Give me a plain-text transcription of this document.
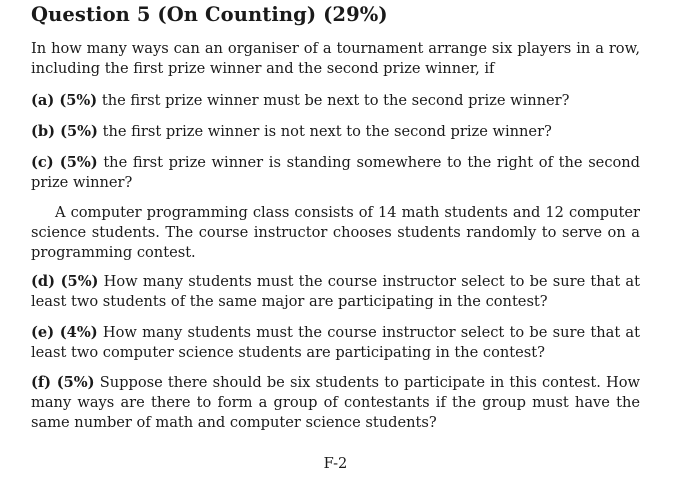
Question 5 (On Counting) (29%)
In how many ways can an organiser of a tournament arrange six players in a row, including the first prize winner and the second prize winner, if
(a) (5%) the first prize winner must be next to the second prize winner?
(b) (5%) the first prize winner is not next to the second prize winner?
(c) (5%) the first prize winner is standing somewhere to the right of the second prize winner?
A computer programming class consists of 14 math students and 12 computer science students. The course instructor chooses students randomly to serve on a programming contest.
(d) (5%) How many students must the course instructor select to be sure that at least two students of the same major are participating in the contest?
(e) (4%) How many students must the course instructor select to be sure that at least two computer science students are participating in the contest?
(f) (5%) Suppose there should be six students to participate in this contest. How many ways are there to form a group of contestants if the group must have the same number of math and computer science students?
F-2
